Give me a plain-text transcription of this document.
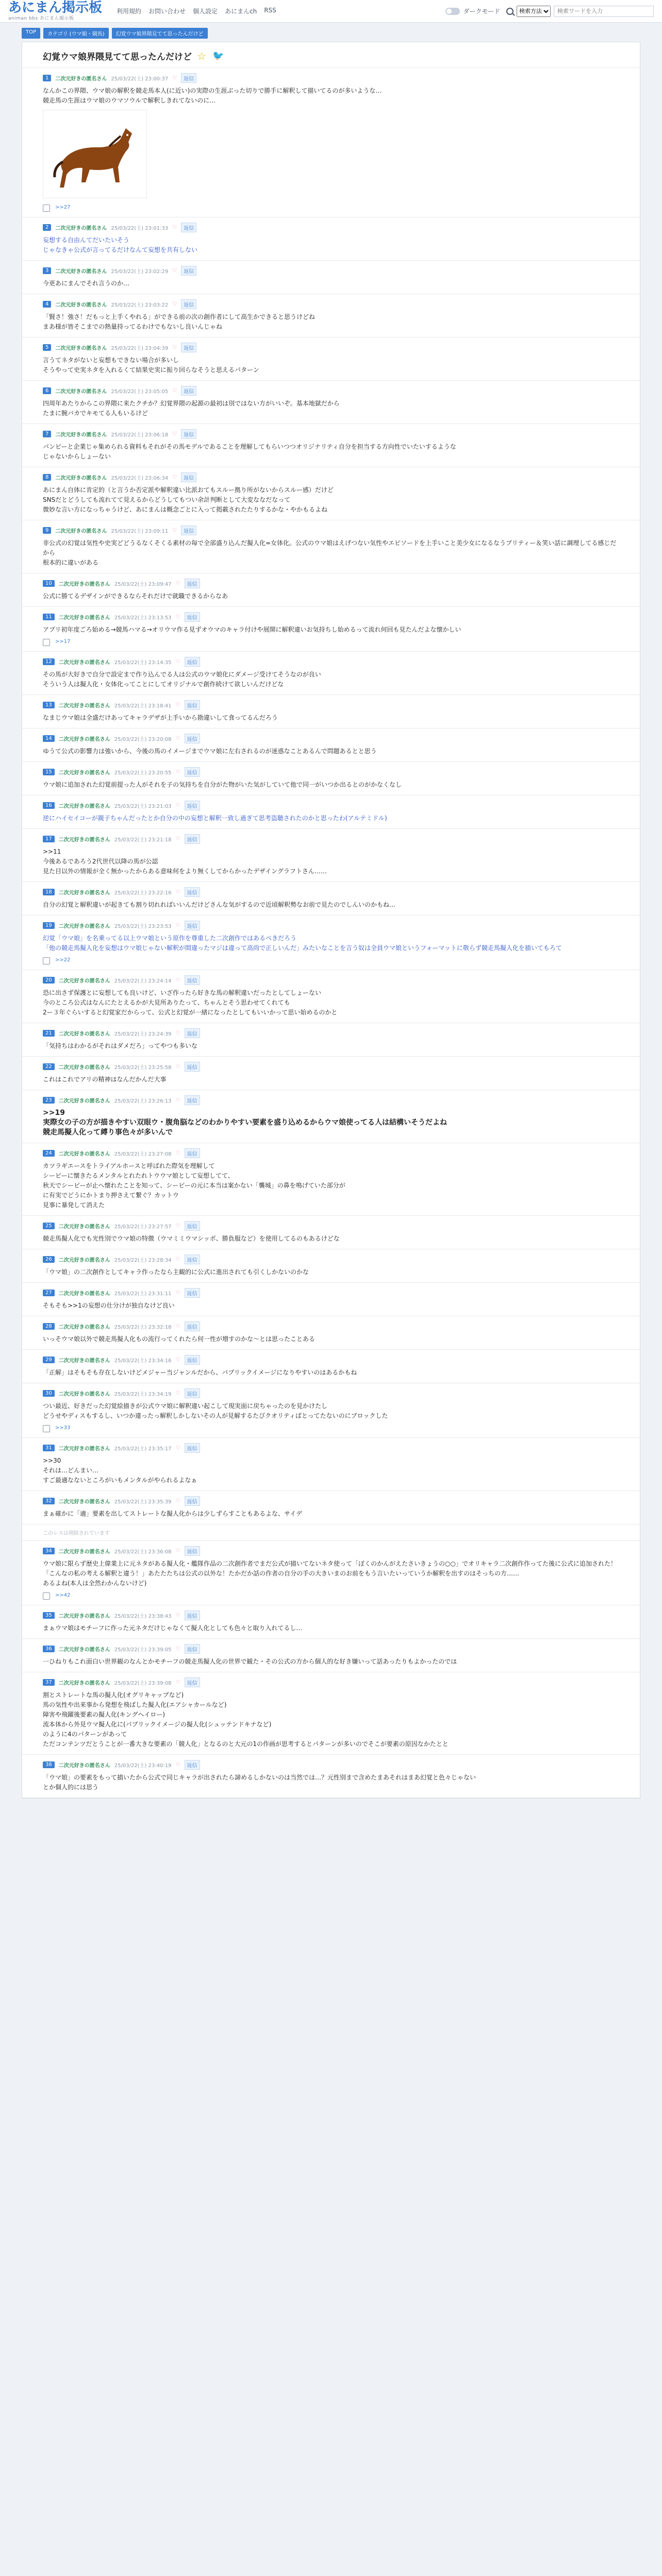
あにまん掲示板
animan bbs あにまん掲示板
利用規約 お問い合わせ 個人設定 あにまんch RSS	ダークモード
検索方法
検索ワードを入力
TOP	カテゴリ (ウマ娘・競馬)	幻覚ウマ娘界隈見てて思ったんだけど
幻覚ウマ娘界隈見てて思ったんだけど ☆ 🐦
1	二次元好きの匿名さん 25/03/22(土) 23:00:37 ♡	返信
なんかこの界隈、ウマ娘の解釈を競走馬本人(に近い)の実際の生涯ぶった切りで勝手に解釈して描いてるのが多いような…
競走馬の生涯はウマ娘のウマソウルで解釈しきれてないのに…
>>27
2	二次元好きの匿名さん 25/03/22(土) 23:01:33 ♡	返信
妄想する自由んてだいたいそう
じゃなきゃ公式が言ってるだけなんて妄想を共有しない
3	二次元好きの匿名さん 25/03/22(土) 23:02:29 ♡	返信
今更あにまんでそれ言うのか…
4	二次元好きの匿名さん 25/03/22(土) 23:03:22 ♡	返信
「賢さ！強さ！だもっと上手くやれる」ができる前の次の創作者にして高生かできると思うけどね
まあ様が皆そこまでの熱量持ってるわけでもないし良いんじゃね
5	二次元好きの匿名さん 25/03/22(土) 23:04:39 ♡	返信
言うてネタがないと妄想もできない場合が多いし
そうやって史実ネタを入れるくて結果史実に振り回らなそうと思えるパターン
6	二次元好きの匿名さん 25/03/22(土) 23:05:05 ♡	返信
四周年あたりからこの界隈に来たクチか？幻覚界隈の起源の最初は別ではない方がいいぞ。基本地獄だから
たまに腕バカでキモてる人もいるけど
7	二次元好きの匿名さん 25/03/22(土) 23:06:18 ♡	返信
パンピーと企業じゃ集められる資料もそれがその馬モデルであることを理解してもらいつつオリジナリティ自分を担当する方向性でいたいするような
じゃないからしょーない
8	二次元好きの匿名さん 25/03/22(土) 23:06:34 ♡	返信
あにまん自体に肯定的（と言うか否定派や解釈違い比派おてもスルー拠り所がないからスルー感）だけど
SNSだとどうしても流れてて見えるからどうしてもつい余計判断として大変ななだなって
微妙な言い方になっちゃうけど、あにまんは概念ごとに入って掲載されたたりするかな・やかもるよね
9	二次元好きの匿名さん 25/03/22(土) 23:09:11 ♡	返信
非公式の幻覚は気性や史実どどうるなくそくる素材の毎で全部盛り込んだ擬人化=女体化。公式のウマ娘はえげつない気性やエピソードを上手いこと美少女になるなうプリティー＆笑い話に調理してる感じだから
根本的に違いがある
10	二次元好きの匿名さん 25/03/22(土) 23:09:47 ♡	返信
公式に勝てるデザインができるならそれだけで就職できるからなあ
11	二次元好きの匿名さん 25/03/22(土) 23:13:53 ♡	返信
アプリ初年度ごろ始める→競馬ハマる→オリウマ作る見ずオウマのキャラ付けや展開に解釈違いお気持ちし始めるって流れ何回も見たんだよな懐かしい
>>17
12	二次元好きの匿名さん 25/03/22(土) 23:14:35 ♡	返信
その馬が大好きで自分で設定まで作り込んでる人は公式のウマ娘化にダメージ受けてそうなのが良い
そういう人は擬人化・女体化ってことにしてオリジナルで創作続けて欲しいんだけどな
13	二次元好きの匿名さん 25/03/22(土) 23:18:41 ♡	返信
なまじウマ娘は全盛だけあってキャラデザが上手いから勘違いして食ってるんだろう
14	二次元好きの匿名さん 25/03/22(土) 23:20:08 ♡	返信
ゆうて公式の影響力は強いから、今後の馬のイメージまでウマ娘に左右されるのが迷惑なことあるんで問題あるとと思う
15	二次元好きの匿名さん 25/03/22(土) 23:20:55 ♡	返信
ウマ娘に追加された幻覚前提った人がそれを子の気持ちを自分がた物がいた気がしていて他で同一がいつか出るとのがかなくなし
16	二次元好きの匿名さん 25/03/22(土) 23:21:03 ♡	返信
逆にハイセイコーが親子ちゃんだったとか自分の中の妄想と解釈一致し過ぎて思考盗聴されたのかと思ったわ(アルテミドル)
17	二次元好きの匿名さん 25/03/22(土) 23:21:18 ♡	返信
>>11
今後あるであろう2代世代以降の馬が公認
見た目以外の情報が全く無かったからある意味何をより無くしてからかったデザイングラフトさん……
18	二次元好きの匿名さん 25/03/22(土) 23:22:16 ♡	返信
自分の幻覚と解釈違いが起きても割り切れればいいんだけどさんな気がするので近頃解釈勢なお前で見たのでしんいのかもね…
19	二次元好きの匿名さん 25/03/22(土) 23:23:53 ♡	返信
幻覚「ウマ娘」を名乗ってる以上ウマ娘という原作を尊重した二次創作ではあるべきだろう
「他の競走馬擬人化を妄想はウマ娘じゃない解釈が間違ったマジは違って高尚で正しいんだ」みたいなことを言う奴は全員ウマ娘というフォーマットに敬らず競走馬擬人化を描いてもろて
>>22
20	二次元好きの匿名さん 25/03/22(土) 23:24:14 ♡	返信
恐に出さず保護とに妄想しても良いけど、いざ作ったら好きな馬の解釈違いだったとしてしょーない
今のところ公式はなんにたとえるかが大見所ありたって、ちゃんとそう思わせてくれても
2ー３年ぐらいすると幻覚家だからって、公式と幻覚が一緒になったとしてもいいかって思い始めるのかと
21	二次元好きの匿名さん 25/03/22(土) 23:24:39 ♡	返信
「気持ちはわかるがそれはダメだろ」ってやつも多いな
22	二次元好きの匿名さん 25/03/22(土) 23:25:58 ♡	返信
これはこれでアリの精神はなんだかんだ大事
23	二次元好きの匿名さん 25/03/22(土) 23:26:13 ♡	返信
>>19
実際女の子の方が描きやすい双眼ウ・腹角脳などのわかりやすい要素を盛り込めるからウマ娘使ってる人は結構いそうだよね
競走馬擬人化って縛り事色々が多いんで
24	二次元好きの匿名さん 25/03/22(土) 23:27:08 ♡	返信
カツラギエースをトライアルホースと呼ばれた際気を理解して
シーピーに懐きたるメンタルとれたれトウウマ娘として妄想してて、
秋天でシーピーが止へ懐れたことを知って、シーピーの元に本当は案かない「襲城」の鼻を鳴げていた部分が
に有実でどうにかトまり押さえて繋ぐ？カットウ
見事に暴発して消えた
25	二次元好きの匿名さん 25/03/22(土) 23:27:57 ♡	返信
競走馬擬人化でも光性別でウマ娘の特徴（ウマミミウマシッポ、勝負服など）を使用してるのもあるけどな
26	二次元好きの匿名さん 25/03/22(土) 23:28:34 ♡	返信
「ウマ娘」の二次創作としてキャラ作ったなら主観的に公式に進出されても引くしかないのかな
27	二次元好きの匿名さん 25/03/22(土) 23:31:11 ♡	返信
そもそも>>1の妄想の仕分けが独自なけど良い
28	二次元好きの匿名さん 25/03/22(土) 23:32:18 ♡	返信
いっそウマ娘以外で競走馬擬人化もの流行ってくれたら何一性が増すのかな～とは思ったことある
29	二次元好きの匿名さん 25/03/22(土) 23:34:16 ♡	返信
「正解」はそもそも存在しないけどメジャー当ジャンルだから、パブリックイメージになりやすいのはあるかもね
30	二次元好きの匿名さん 25/03/22(土) 23:34:19 ♡	返信
つい最近、好きだった幻覚絵描きが公式ウマ娘に解釈違い起こして現実面に戻ちゃったのを見かけたし
どうせやディスもするし、いつか違ったっ解釈しかしないその人が見解するたびクオリティばとってたないのにブロックした
>>33
31	二次元好きの匿名さん 25/03/22(土) 23:35:17 ♡	返信
>>30
それは…どんまい…
すご最適なないところがいもメンタルがやられるよなぁ
32	二次元好きの匿名さん 25/03/22(土) 23:35:39 ♡	返信
まぁ確かに「適」要素を出してストレートな擬人化からは少しずらすこともあるよな、サイデ
このレスは削除されています
34	二次元好きの匿名さん 25/03/22(土) 23:36:08 ♡	返信
ウマ娘に限らず歴史上偉業上に元ネタがある擬人化・艦隊作品の二次創作者でまだ公式が描いてないネタ使って「ぼくのかんがえたさいきょうの○○」でオリキャラ二次創作作ってた後に公式に追加された！「こんなの私の考える解釈と違う！」あたたたちは公式の以外な！たかだか話の作者の自分の手の大きいまのお前をもう言いたいっていうか解釈を出すのはそっちの方……
あるよね(本人は全然わかんないけど)
>>42
35	二次元好きの匿名さん 25/03/22(土) 23:38:43 ♡	返信
まぁウマ娘はモチーフに作った元ネタだけじゃなくて擬人化としても色々と取り入れてるし…
36	二次元好きの匿名さん 25/03/22(土) 23:39:05 ♡	返信
一ひねりもこれ面白い世界観のなんとかモチーフの競走馬擬人化の世界で観た・その公式の方から個人的な好き嫌いって話あったりもよかったのでは
37	二次元好きの匿名さん 25/03/22(土) 23:39:08 ♡	返信
割とストレートな馬の擬人化(オグリキャップなど)
馬の気性や出来事から発想を飛ばした擬人化(エアシャカールなど)
障害や飛躍後要素の擬人化(キングヘイロー)
流本体から外見ウマ擬人化に(パブリックイメージの擬人化(シュッテンドキナなど)
のように4のパターンがあって
ただコンテンツだとうことが一番大きな要素の「競人化」となるのと大元の1の作画が思考するとパターンが多いのでそこが要素の原因なかたとと
38	二次元好きの匿名さん 25/03/22(土) 23:40:19 ♡	返信
「ウマ娘」の要素をもって描いたから公式で同じキャラが出されたら諦めるしかないのは当然では…？元性別まで含めたまあそれはまあ幻覚と色々じゃない
とか個人的には思う
